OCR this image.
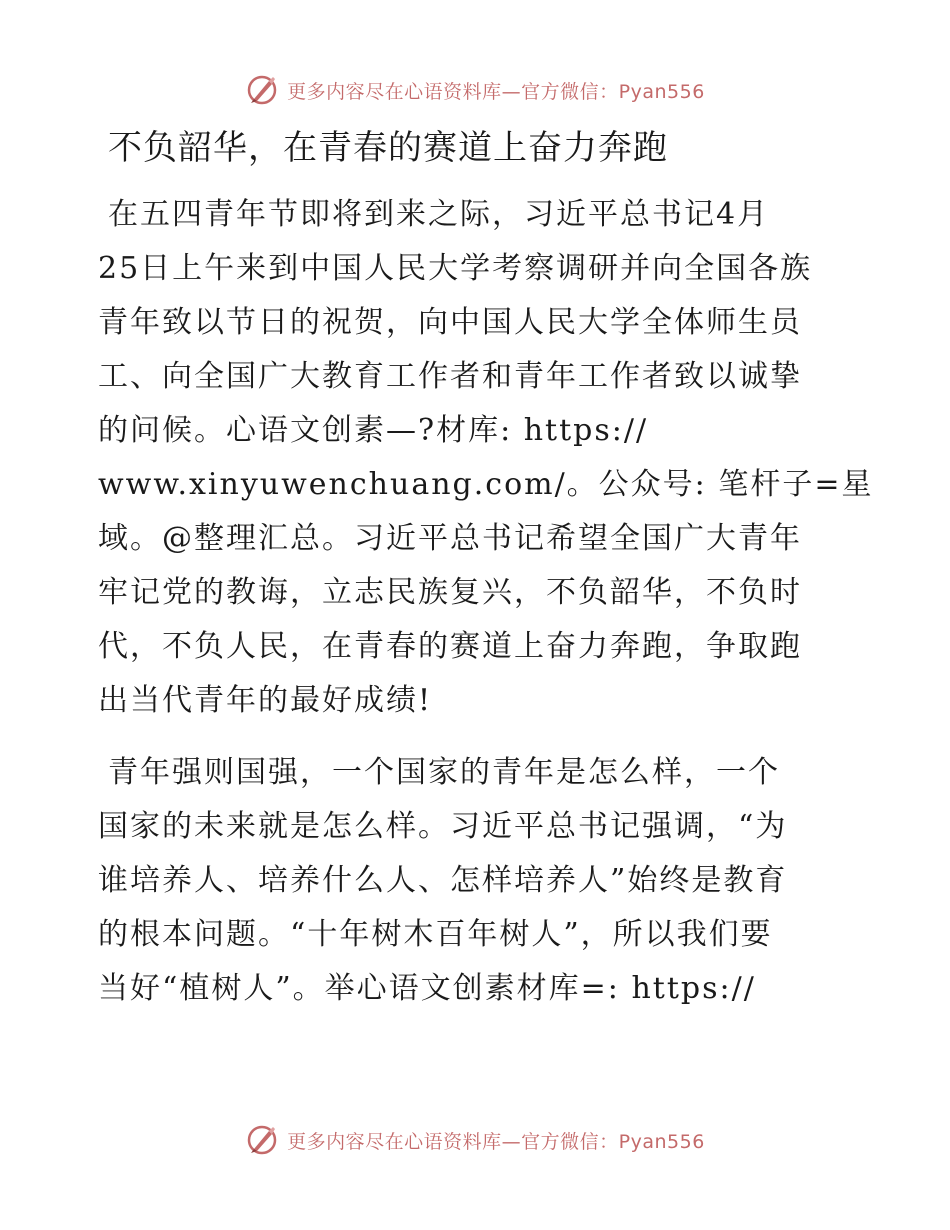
更多内容尽在心语资料库—官方微信：Pyan556
不负韶华，在青春的赛道上奋力奔跑

在五四青年节即将到来之际，习近平总书记4月
25日上午来到中国人民大学考察调研并向全国各族
青年致以节日的祝贺，向中国人民大学全体师生员
工、向全国广大教育工作者和青年工作者致以诚挚
的问候。心语文创素—?材库: https://
www.xinyuwenchuang.com/。公众号: 笔杆子=星
域。@整理汇总。习近平总书记希望全国广大青年
牢记党的教诲，立志民族复兴，不负韶华，不负时
代，不负人民，在青春的赛道上奋力奔跑，争取跑
出当代青年的最好成绩!

青年强则国强，一个国家的青年是怎么样，一个
国家的未来就是怎么样。习近平总书记强调，“为
谁培养人、培养什么人、怎样培养人”始终是教育
的根本问题。“十年树木百年树人”，所以我们要
当好“植树人”。举心语文创素材库=: https://

更多内容尽在心语资料库—官方微信：Pyan556
